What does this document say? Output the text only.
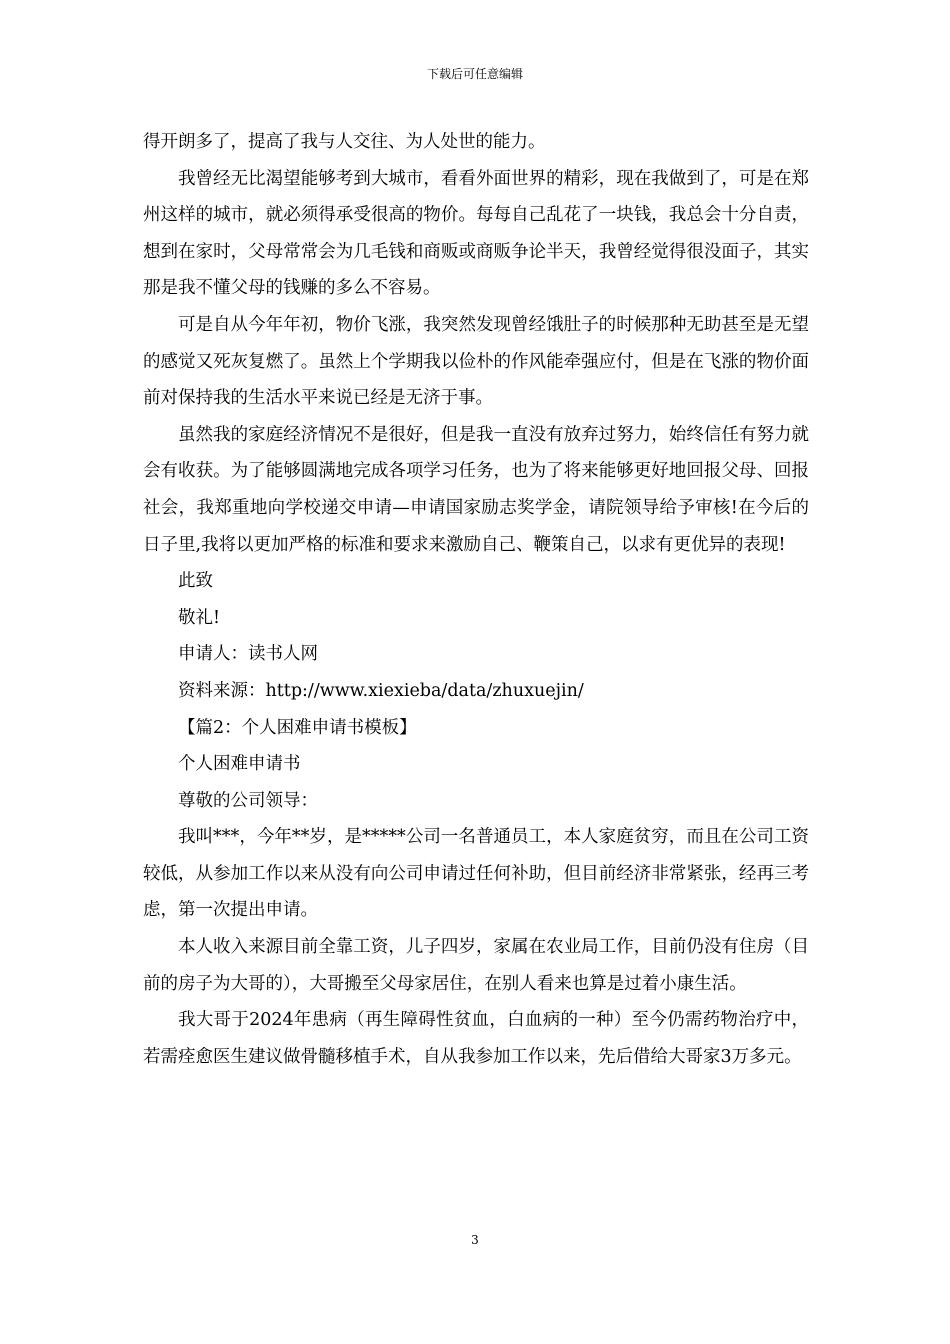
下载后可任意编辑

得开朗多了，提高了我与人交往、为人处世的能力。

我曾经无比渴望能够考到大城市，看看外面世界的精彩，现在我做到了，可是在郑州这样的城市，就必须得承受很高的物价。每每自己乱花了一块钱，我总会十分自责，想到在家时，父母常常会为几毛钱和商贩或商贩争论半天，我曾经觉得很没面子，其实那是我不懂父母的钱赚的多么不容易。

可是自从今年年初，物价飞涨，我突然发现曾经饿肚子的时候那种无助甚至是无望的感觉又死灰复燃了。虽然上个学期我以俭朴的作风能牵强应付，但是在飞涨的物价面前对保持我的生活水平来说已经是无济于事。

虽然我的家庭经济情况不是很好，但是我一直没有放弃过努力，始终信任有努力就会有收获。为了能够圆满地完成各项学习任务，也为了将来能够更好地回报父母、回报社会，我郑重地向学校递交申请—申请国家励志奖学金，请院领导给予审核!在今后的日子里,我将以更加严格的标准和要求来激励自己、鞭策自己，以求有更优异的表现!

此致

敬礼!

申请人：读书人网

资料来源：http://www.xiexieba/data/zhuxuejin/

【篇2：个人困难申请书模板】

个人困难申请书

尊敬的公司领导：

我叫***，今年**岁，是*****公司一名普通员工，本人家庭贫穷，而且在公司工资较低，从参加工作以来从没有向公司申请过任何补助，但目前经济非常紧张，经再三考虑，第一次提出申请。

本人收入来源目前全靠工资，儿子四岁，家属在农业局工作，目前仍没有住房（目前的房子为大哥的），大哥搬至父母家居住，在别人看来也算是过着小康生活。

我大哥于2024年患病（再生障碍性贫血，白血病的一种）至今仍需药物治疗中，若需痊愈医生建议做骨髓移植手术，自从我参加工作以来，先后借给大哥家3万多元。

3
